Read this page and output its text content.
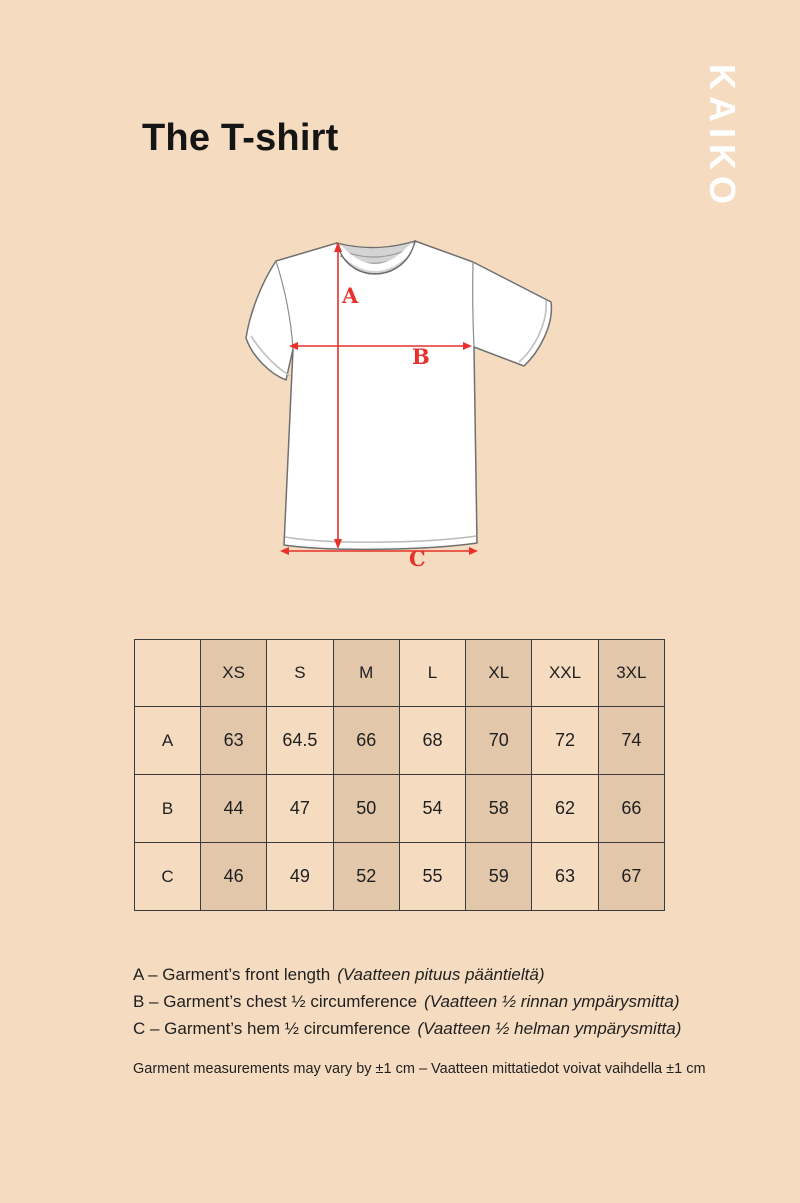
The T-shirt	KAIKO
A
B
C
	XS	S	M	L	XL	XXL	3XL
A	63	64.5	66	68	70	72	74
B	44	47	50	54	58	62	66
C	46	49	52	55	59	63	67
A – Garment’s front length (Vaatteen pituus pääntieltä)
B – Garment’s chest ½ circumference (Vaatteen ½ rinnan ympärysmitta)
C – Garment’s hem ½ circumference (Vaatteen ½ helman ympärysmitta)
Garment measurements may vary by ±1 cm – Vaatteen mittatiedot voivat vaihdella ±1 cm
